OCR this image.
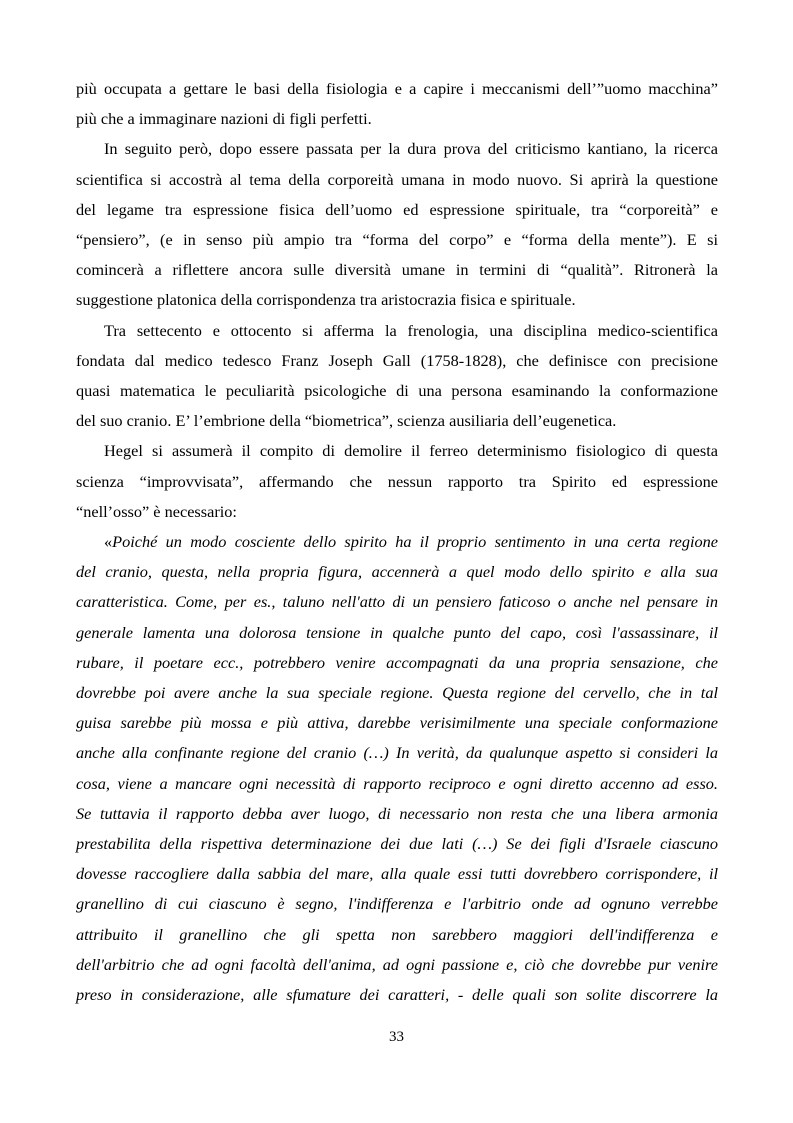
più occupata a gettare le basi della fisiologia e a capire i meccanismi dell’”uomo macchina”
più che a immaginare nazioni di figli perfetti.

In seguito però, dopo essere passata per la dura prova del criticismo kantiano, la ricerca
scientifica si accostrà al tema della corporeità umana in modo nuovo. Si aprirà la questione
del legame tra espressione fisica dell’uomo ed espressione spirituale, tra “corporeità” e
“pensiero”, (e in senso più ampio tra “forma del corpo” e “forma della mente”). E si
comincerà a riflettere ancora sulle diversità umane in termini di “qualità”. Ritronerà la
suggestione platonica della corrispondenza tra aristocrazia fisica e spirituale.

Tra settecento e ottocento si afferma la frenologia, una disciplina medico-scientifica
fondata dal medico tedesco Franz Joseph Gall (1758-1828), che definisce con precisione
quasi matematica le peculiarità psicologiche di una persona esaminando la conformazione
del suo cranio. E’ l’embrione della “biometrica”, scienza ausiliaria dell’eugenetica.

Hegel si assumerà il compito di demolire il ferreo determinismo fisiologico di questa
scienza “improvvisata”, affermando che nessun rapporto tra Spirito ed espressione
“nell’osso” è necessario:

«Poiché un modo cosciente dello spirito ha il proprio sentimento in una certa regione
del cranio, questa, nella propria figura, accennerà a quel modo dello spirito e alla sua
caratteristica. Come, per es., taluno nell'atto di un pensiero faticoso o anche nel pensare in
generale lamenta una dolorosa tensione in qualche punto del capo, così l'assassinare, il
rubare, il poetare ecc., potrebbero venire accompagnati da una propria sensazione, che
dovrebbe poi avere anche la sua speciale regione. Questa regione del cervello, che in tal
guisa sarebbe più mossa e più attiva, darebbe verisimilmente una speciale conformazione
anche alla confinante regione del cranio (…) In verità, da qualunque aspetto si consideri la
cosa, viene a mancare ogni necessità di rapporto reciproco e ogni diretto accenno ad esso.
Se tuttavia il rapporto debba aver luogo, di necessario non resta che una libera armonia
prestabilita della rispettiva determinazione dei due lati (…) Se dei figli d'Israele ciascuno
dovesse raccogliere dalla sabbia del mare, alla quale essi tutti dovrebbero corrispondere, il
granellino di cui ciascuno è segno, l'indifferenza e l'arbitrio onde ad ognuno verrebbe
attribuito il granellino che gli spetta non sarebbero maggiori dell'indifferenza e
dell'arbitrio che ad ogni facoltà dell'anima, ad ogni passione e, ciò che dovrebbe pur venire
preso in considerazione, alle sfumature dei caratteri, - delle quali son solite discorrere la

33
